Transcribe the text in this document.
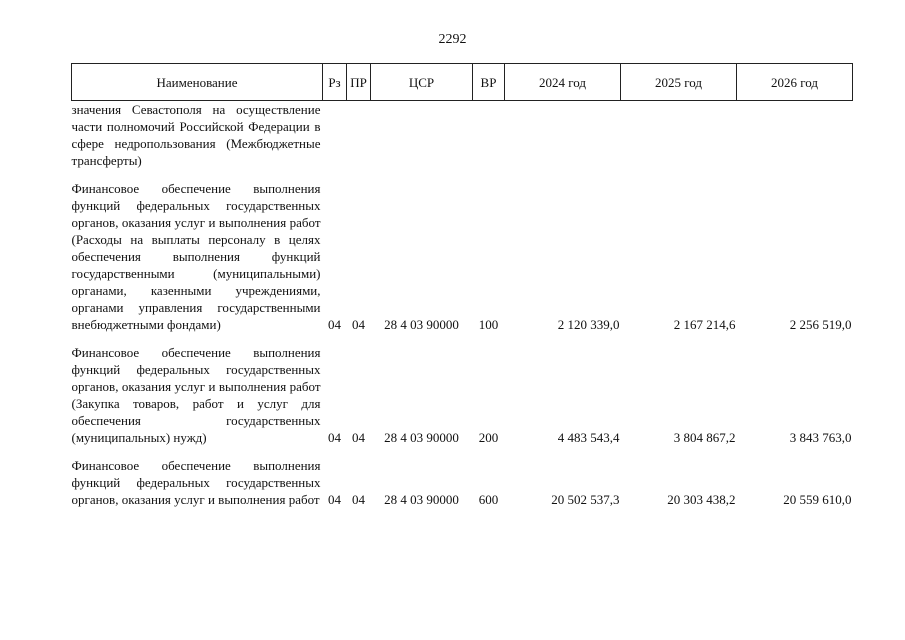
2292
Наименование	Рз	ПР	ЦСР	ВР	2024 год	2025 год	2026 год
значения Севастополя на осуществление части полномочий Российской Федерации в сфере недропользования (Межбюджетные трансферты)							
Финансовое обеспечение выполнения функций федеральных государственных органов, оказания услуг и выполнения работ (Расходы на выплаты персоналу в целях обеспечения выполнения функций государственными (муниципальными) органами, казенными учреждениями, органами управления государственными внебюджетными фондами)	04	04	28 4 03 90000	100	2 120 339,0	2 167 214,6	2 256 519,0
Финансовое обеспечение выполнения функций федеральных государственных органов, оказания услуг и выполнения работ (Закупка товаров, работ и услуг для обеспечения государственных (муниципальных) нужд)	04	04	28 4 03 90000	200	4 483 543,4	3 804 867,2	3 843 763,0
Финансовое обеспечение выполнения функций федеральных государственных органов, оказания услуг и выполнения работ	04	04	28 4 03 90000	600	20 502 537,3	20 303 438,2	20 559 610,0
